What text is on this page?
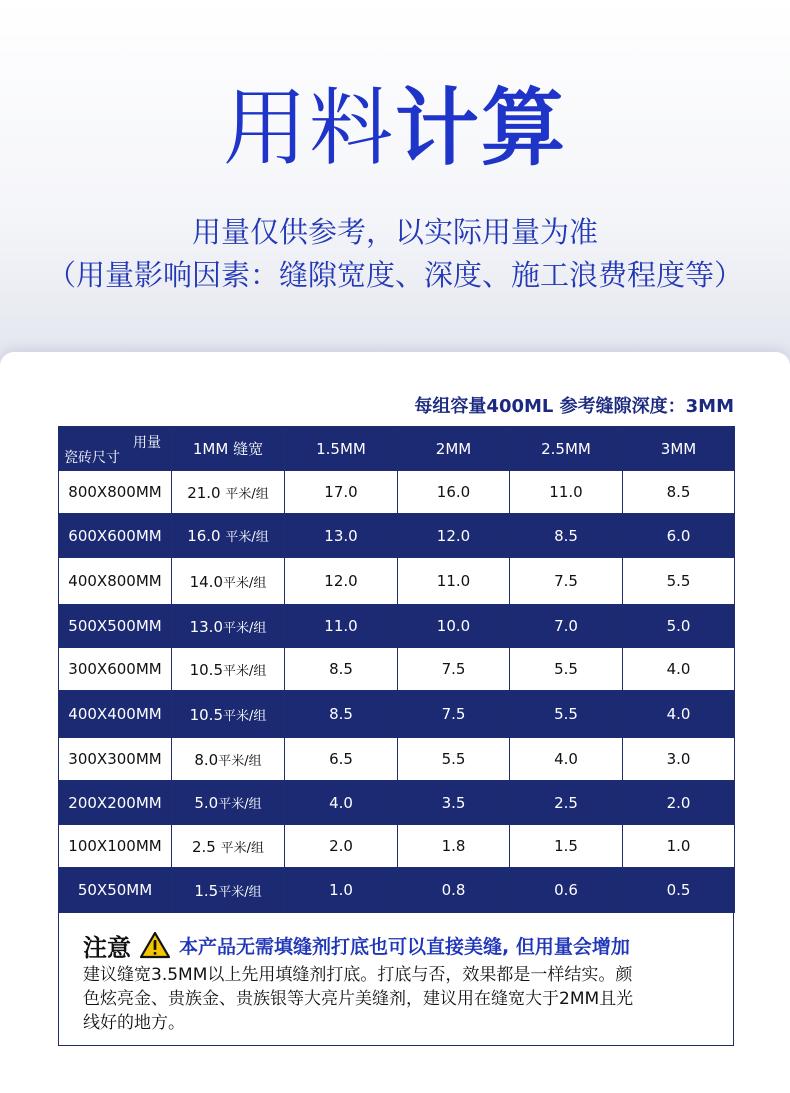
用料计算
用量仅供参考，以实际用量为准
（用量影响因素：缝隙宽度、深度、施工浪费程度等）
每组容量400ML 参考缝隙深度：3MM
用量
瓷砖尺寸	1MM 缝宽	1.5MM	2MM	2.5MM	3MM
800X800MM	21.0 平米/组	17.0	16.0	11.0	8.5
600X600MM	16.0 平米/组	13.0	12.0	8.5	6.0
400X800MM	14.0平米/组	12.0	11.0	7.5	5.5
500X500MM	13.0平米/组	11.0	10.0	7.0	5.0
300X600MM	10.5平米/组	8.5	7.5	5.5	4.0
400X400MM	10.5平米/组	8.5	7.5	5.5	4.0
300X300MM	8.0平米/组	6.5	5.5	4.0	3.0
200X200MM	5.0平米/组	4.0	3.5	2.5	2.0
100X100MM	2.5 平米/组	2.0	1.8	1.5	1.0
50X50MM	1.5平米/组	1.0	0.8	0.6	0.5
注意	本产品无需填缝剂打底也可以直接美缝, 但用量会增加
建议缝宽3.5MM以上先用填缝剂打底。打底与否，效果都是一样结实。颜
色炫亮金、贵族金、贵族银等大亮片美缝剂，建议用在缝宽大于2MM且光
线好的地方。
